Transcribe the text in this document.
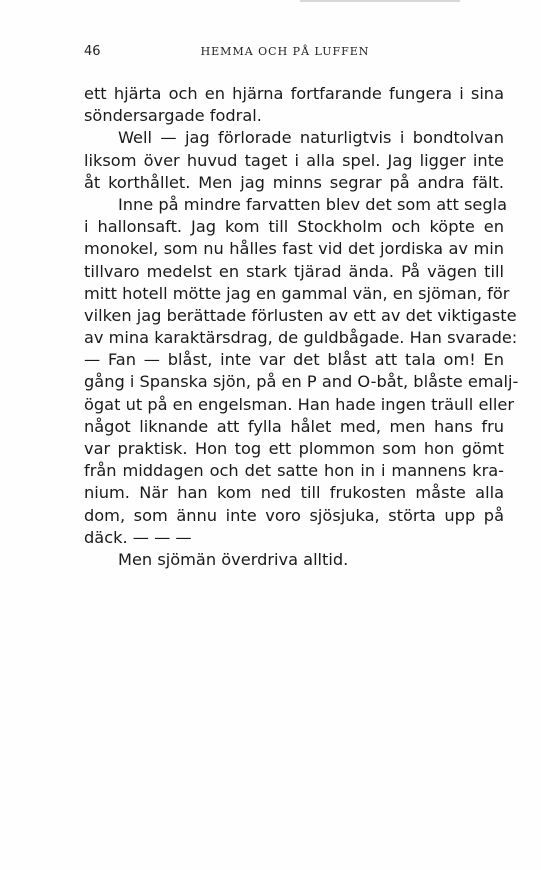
46	HEMMA OCH PÅ LUFFEN
ett hjärta och en hjärna fortfarande fungera i sina
söndersargade fodral.
Well — jag förlorade naturligtvis i bondtolvan
liksom över huvud taget i alla spel. Jag ligger inte
åt korthållet. Men jag minns segrar på andra fält.
Inne på mindre farvatten blev det som att segla
i hallonsaft. Jag kom till Stockholm och köpte en
monokel, som nu hålles fast vid det jordiska av min
tillvaro medelst en stark tjärad ända. På vägen till
mitt hotell mötte jag en gammal vän, en sjöman, för
vilken jag berättade förlusten av ett av det viktigaste
av mina karaktärsdrag, de guldbågade. Han svarade:
— Fan — blåst, inte var det blåst att tala om! En
gång i Spanska sjön, på en P and O-båt, blåste emalj-
ögat ut på en engelsman. Han hade ingen träull eller
något liknande att fylla hålet med, men hans fru
var praktisk. Hon tog ett plommon som hon gömt
från middagen och det satte hon in i mannens kra-
nium. När han kom ned till frukosten måste alla
dom, som ännu inte voro sjösjuka, störta upp på
däck. — — —
Men sjömän överdriva alltid.
